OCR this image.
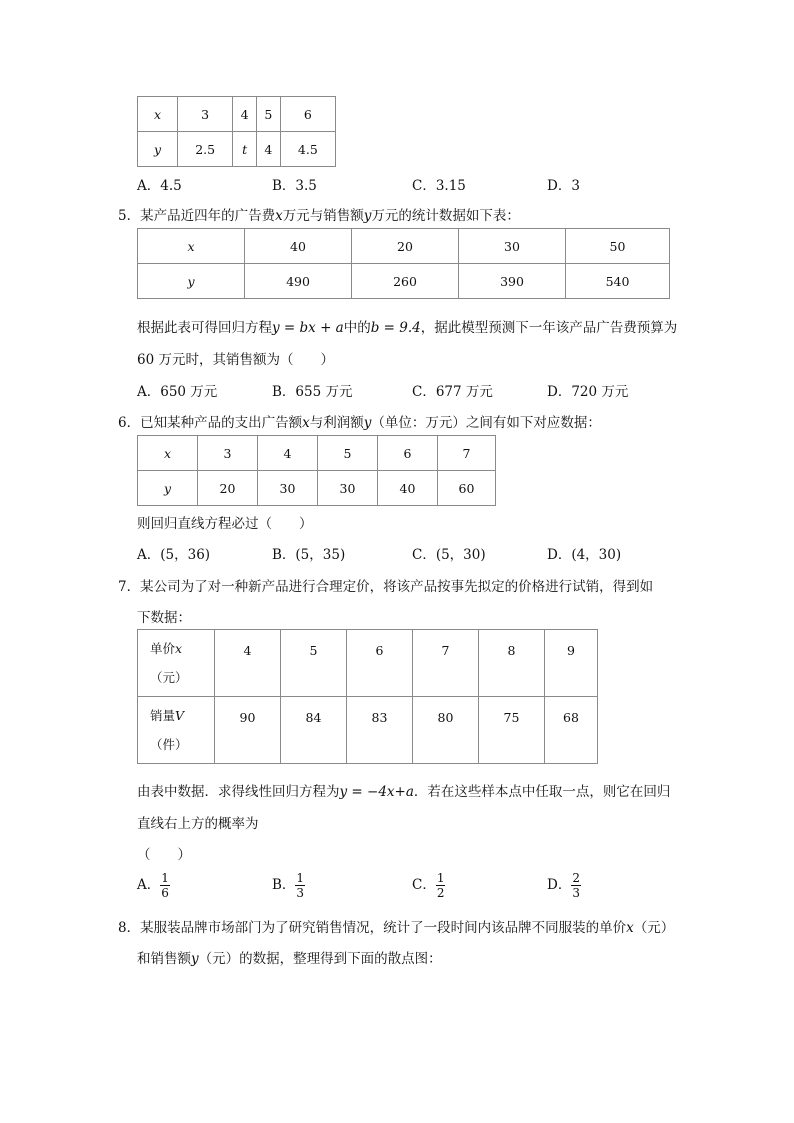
x	3	4	5	6
y	2.5	t	4	4.5
A．4.5	B．3.5	C．3.15	D．3
5．某产品近四年的广告费x万元与销售额y万元的统计数据如下表：
x	40	20	30	50
y	490	260	390	540
根据此表可得回归方程y = bx + a中的b = 9.4，据此模型预测下一年该产品广告费预算为
60 万元时，其销售额为（　　）
A．650 万元	B．655 万元	C．677 万元	D．720 万元
6．已知某种产品的支出广告额x与利润额y（单位：万元）之间有如下对应数据：
x	3	4	5	6	7
y	20	30	30	40	60
则回归直线方程必过（　　）
A．(5，36)	B．(5，35)	C．(5，30)	D．(4，30)
7．某公司为了对一种新产品进行合理定价，将该产品按事先拟定的价格进行试销，得到如
下数据：
单价x
（元）	4	5	6	7	8	9
销量V
（件）	90	84	83	80	75	68
由表中数据．求得线性回归方程为y = −4x+a．若在这些样本点中任取一点，则它在回归
直线右上方的概率为
（　　）
A． $\frac{1}{6}$	B． $\frac{1}{3}$	C． $\frac{1}{2}$	D． $\frac{2}{3}$
8．某服装品牌市场部门为了研究销售情况，统计了一段时间内该品牌不同服装的单价x（元）
和销售额y（元）的数据，整理得到下面的散点图：
